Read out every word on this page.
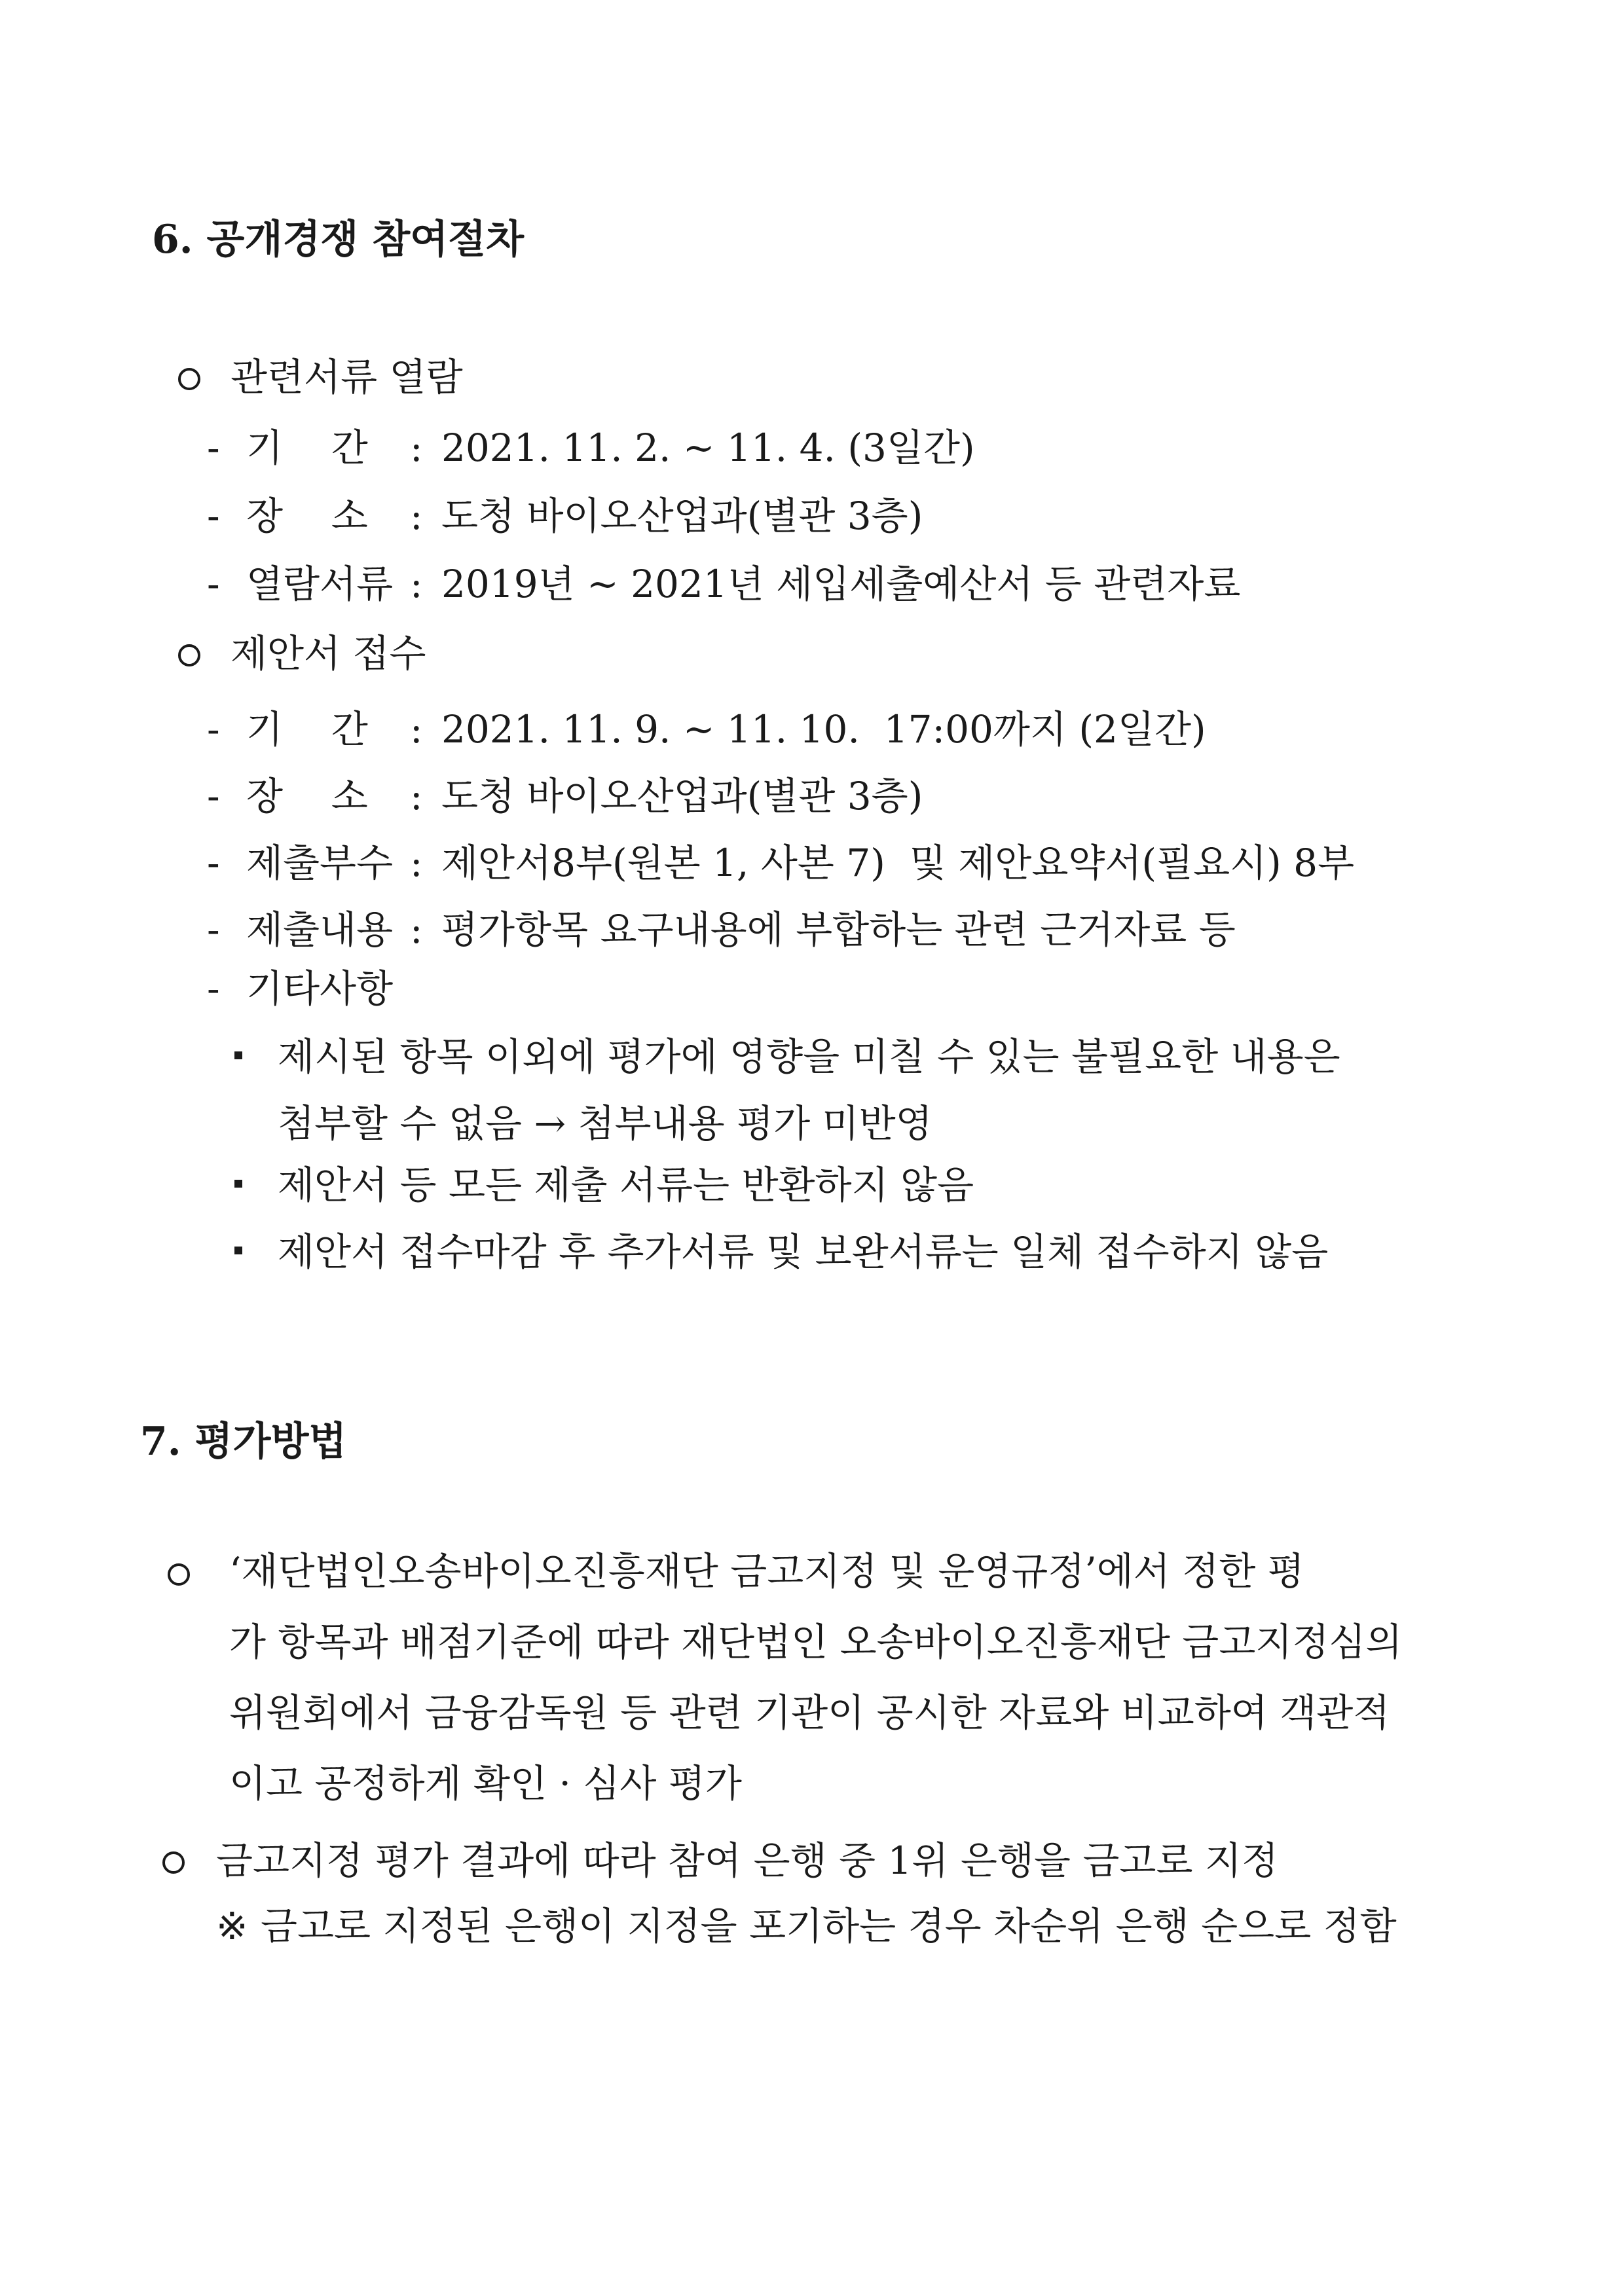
6. 공개경쟁 참여절차
관련서류 열람
- 기    간 : 2021. 11. 2. ~ 11. 4. (3일간)
- 장    소 : 도청 바이오산업과(별관 3층)
- 열람서류 : 2019년 ~ 2021년 세입세출예산서 등 관련자료
제안서 접수
- 기    간 : 2021. 11. 9. ~ 11. 10.  17:00까지 (2일간)
- 장    소 : 도청 바이오산업과(별관 3층)
- 제출부수 : 제안서8부(원본 1, 사본 7)  및 제안요약서(필요시) 8부
- 제출내용 : 평가항목 요구내용에 부합하는 관련 근거자료 등
- 기타사항
제시된 항목 이외에 평가에 영향을 미칠 수 있는 불필요한 내용은
첨부할 수 없음 → 첨부내용 평가 미반영
제안서 등 모든 제출 서류는 반환하지 않음
제안서 접수마감 후 추가서류 및 보완서류는 일체 접수하지 않음
7. 평가방법
‘재단법인오송바이오진흥재단 금고지정 및 운영규정’에서 정한 평
가 항목과 배점기준에 따라 재단법인 오송바이오진흥재단 금고지정심의
위원회에서 금융감독원 등 관련 기관이 공시한 자료와 비교하여 객관적
이고 공정하게 확인 · 심사 평가
금고지정 평가 결과에 따라 참여 은행 중 1위 은행을 금고로 지정
※ 금고로 지정된 은행이 지정을 포기하는 경우 차순위 은행 순으로 정함
